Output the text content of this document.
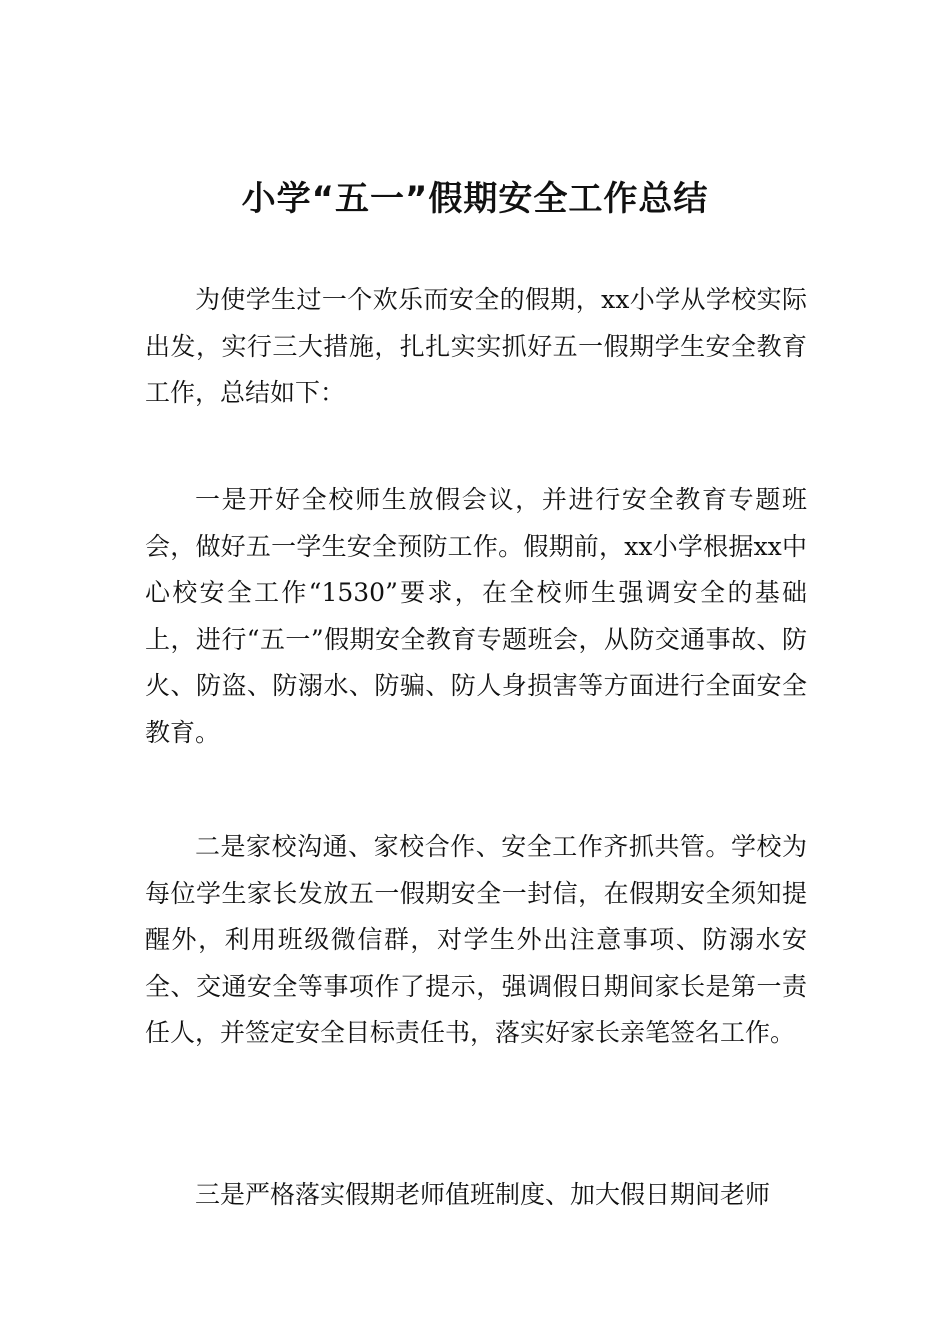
小学“五一”假期安全工作总结

为使学生过一个欢乐而安全的假期，xx小学从学校实际出发，实行三大措施，扎扎实实抓好五一假期学生安全教育工作，总结如下：

一是开好全校师生放假会议，并进行安全教育专题班会，做好五一学生安全预防工作。假期前，xx小学根据xx中心校安全工作“1530”要求，在全校师生强调安全的基础上，进行“五一”假期安全教育专题班会，从防交通事故、防火、防盗、防溺水、防骗、防人身损害等方面进行全面安全教育。

二是家校沟通、家校合作、安全工作齐抓共管。学校为每位学生家长发放五一假期安全一封信，在假期安全须知提醒外，利用班级微信群，对学生外出注意事项、防溺水安全、交通安全等事项作了提示，强调假日期间家长是第一责任人，并签定安全目标责任书，落实好家长亲笔签名工作。

三是严格落实假期老师值班制度、加大假日期间老师
